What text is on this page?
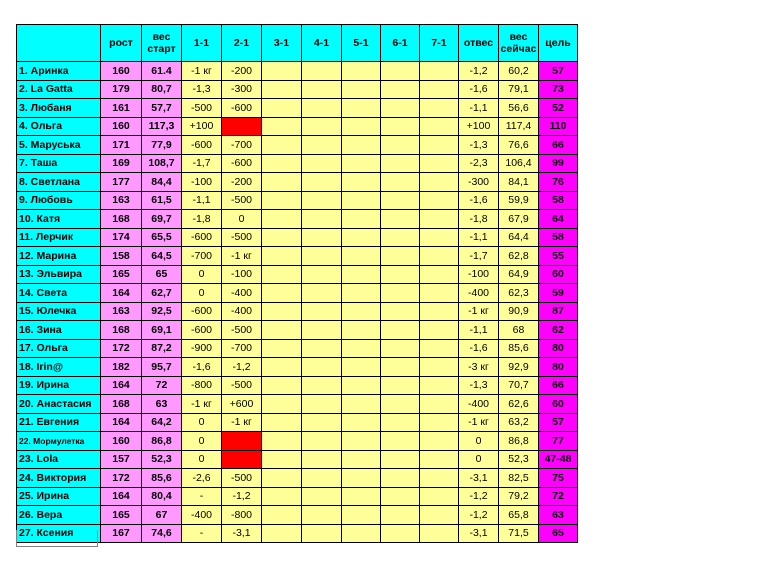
	рост	вес старт	1-1	2-1	3-1	4-1	5-1	6-1	7-1	отвес	вес сейчас	цель
1. Аринка	160	61.4	-1 кг	-200						-1,2	60,2	57
2. La Gatta	179	80,7	-1,3	-300						-1,6	79,1	73
3. Любаня	161	57,7	-500	-600						-1,1	56,6	52
4. Ольга	160	117,3	+100							+100	117,4	110
5. Маруська	171	77,9	-600	-700						-1,3	76,6	66
7. Таша	169	108,7	-1,7	-600						-2,3	106,4	99
8. Светлана	177	84,4	-100	-200						-300	84,1	76
9. Любовь	163	61,5	-1,1	-500						-1,6	59,9	58
10. Катя	168	69,7	-1,8	0						-1,8	67,9	64
11. Лерчик	174	65,5	-600	-500						-1,1	64,4	58
12. Марина	158	64,5	-700	-1 кг						-1,7	62,8	55
13. Эльвира	165	65	0	-100						-100	64,9	60
14. Света	164	62,7	0	-400						-400	62,3	59
15. Юлечка	163	92,5	-600	-400						-1 кг	90,9	87
16. Зина	168	69,1	-600	-500						-1,1	68	62
17. Ольга	172	87,2	-900	-700						-1,6	85,6	80
18. Irin@	182	95,7	-1,6	-1,2						-3 кг	92,9	80
19. Ирина	164	72	-800	-500						-1,3	70,7	66
20. Анастасия	168	63	-1 кг	+600						-400	62,6	60
21. Евгения	164	64,2	0	-1 кг						-1 кг	63,2	57
22. Мормулетка	160	86,8	0							0	86,8	77
23. Lola	157	52,3	0							0	52,3	47-48
24. Виктория	172	85,6	-2,6	-500						-3,1	82,5	75
25. Ирина	164	80,4	-	-1,2						-1,2	79,2	72
26. Вера	165	67	-400	-800						-1,2	65,8	63
27. Ксения	167	74,6	-	-3,1						-3,1	71,5	65
